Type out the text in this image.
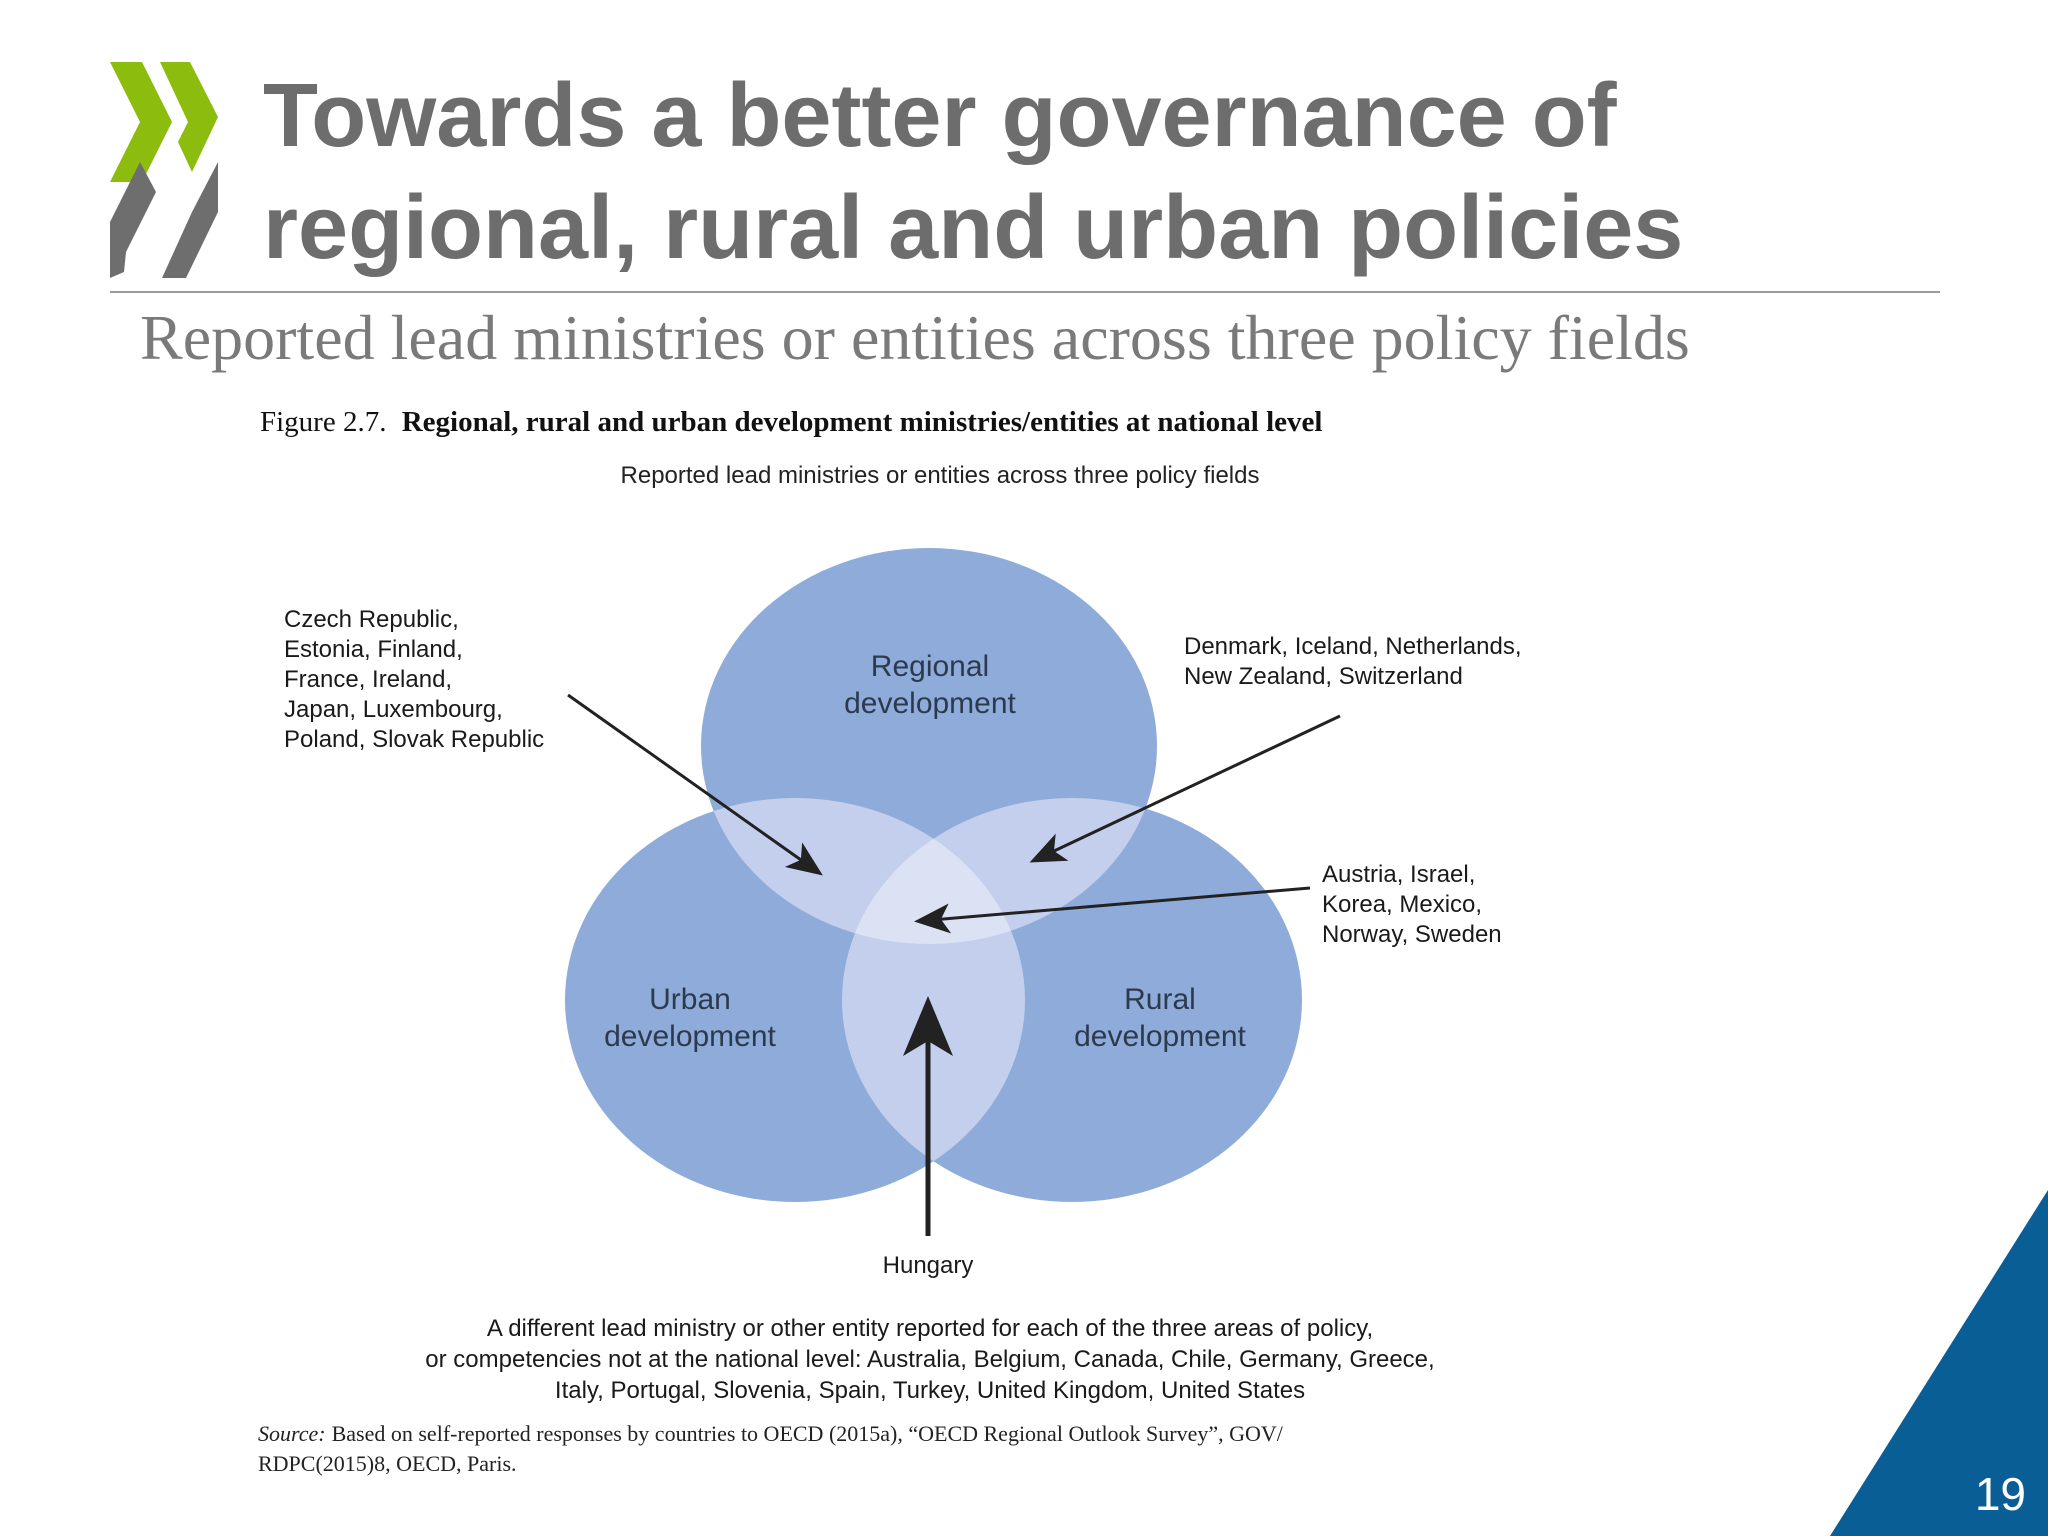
Towards a better governance of
regional, rural and urban policies
Reported lead ministries or entities across three policy fields
Figure 2.7. Regional, rural and urban development ministries/entities at national level
Reported lead ministries or entities across three policy fields
Regional
development
Urban
development
Rural
development
Czech Republic,
Estonia, Finland,
France, Ireland,
Japan, Luxembourg,
Poland, Slovak Republic
Denmark, Iceland, Netherlands,
New Zealand, Switzerland
Austria, Israel,
Korea, Mexico,
Norway, Sweden
Hungary
A different lead ministry or other entity reported for each of the three areas of policy,
or competencies not at the national level: Australia, Belgium, Canada, Chile, Germany, Greece,
Italy, Portugal, Slovenia, Spain, Turkey, United Kingdom, United States
Source: Based on self-reported responses by countries to OECD (2015a), “OECD Regional Outlook Survey”, GOV/
RDPC(2015)8, OECD, Paris.
19
